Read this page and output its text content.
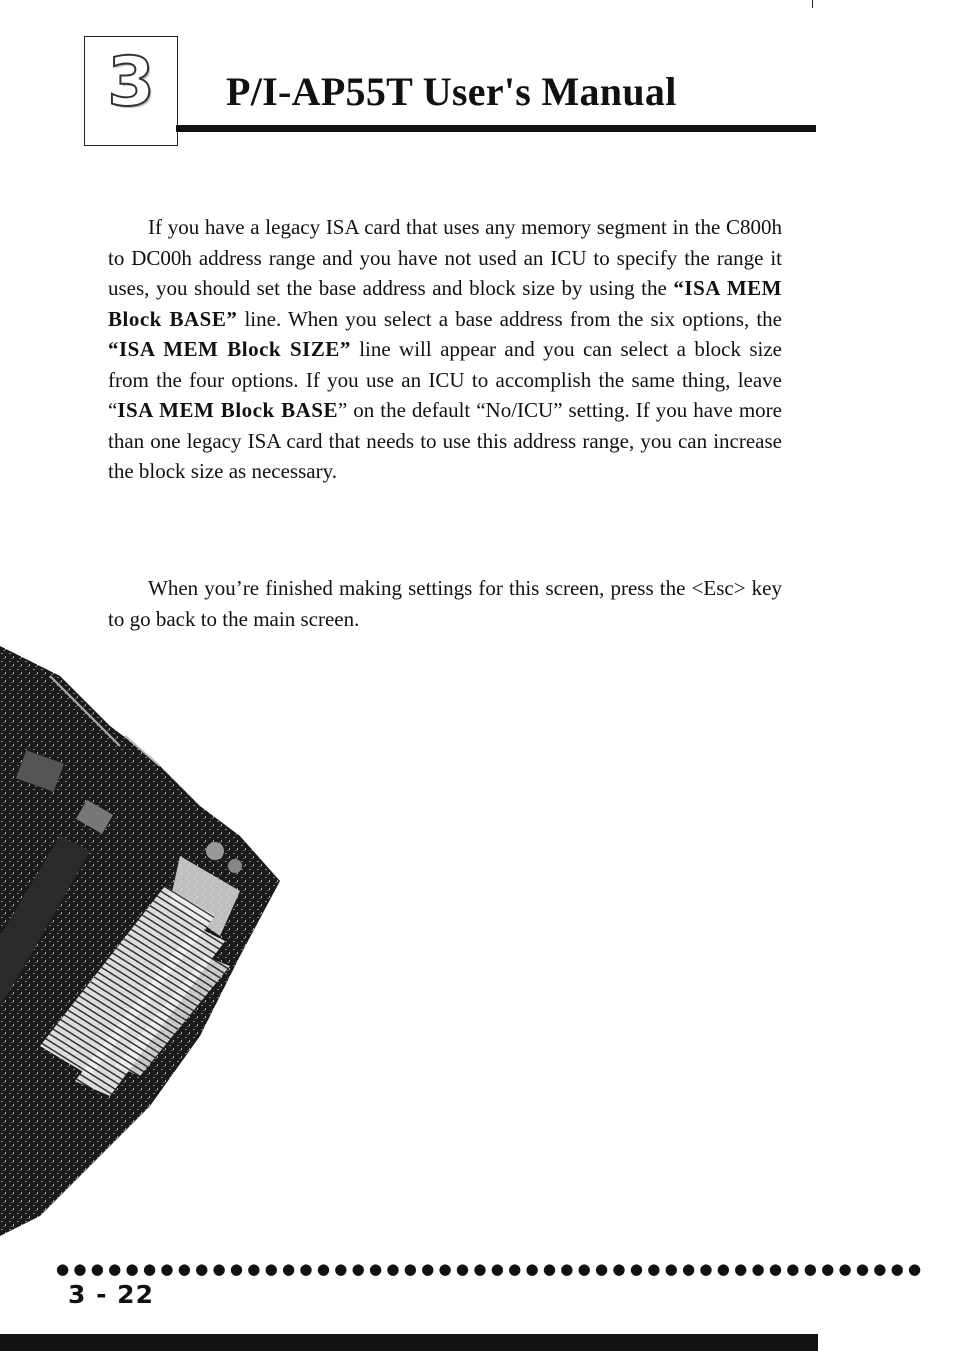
3	P/I-AP55T User's Manual
If you have a legacy ISA card that uses any memory segment in the C800h to DC00h address range and you have not used an ICU to specify the range it uses, you should set the base address and block size by using the “ISA MEM Block BASE” line. When you select a base address from the six options, the “ISA MEM Block SIZE” line will appear and you can select a block size from the four options. If you use an ICU to accomplish the same thing, leave “ISA MEM Block BASE” on the default “No/ICU” setting. If you have more than one legacy ISA card that needs to use this address range, you can increase the block size as necessary.
When you’re finished making settings for this screen, press the <Esc> key to go back to the main screen.
●●●●●●●●●●●●●●●●●●●●●●●●●●●●●●●●●●●●●●●●●●●●●●●●●●
3 - 22
